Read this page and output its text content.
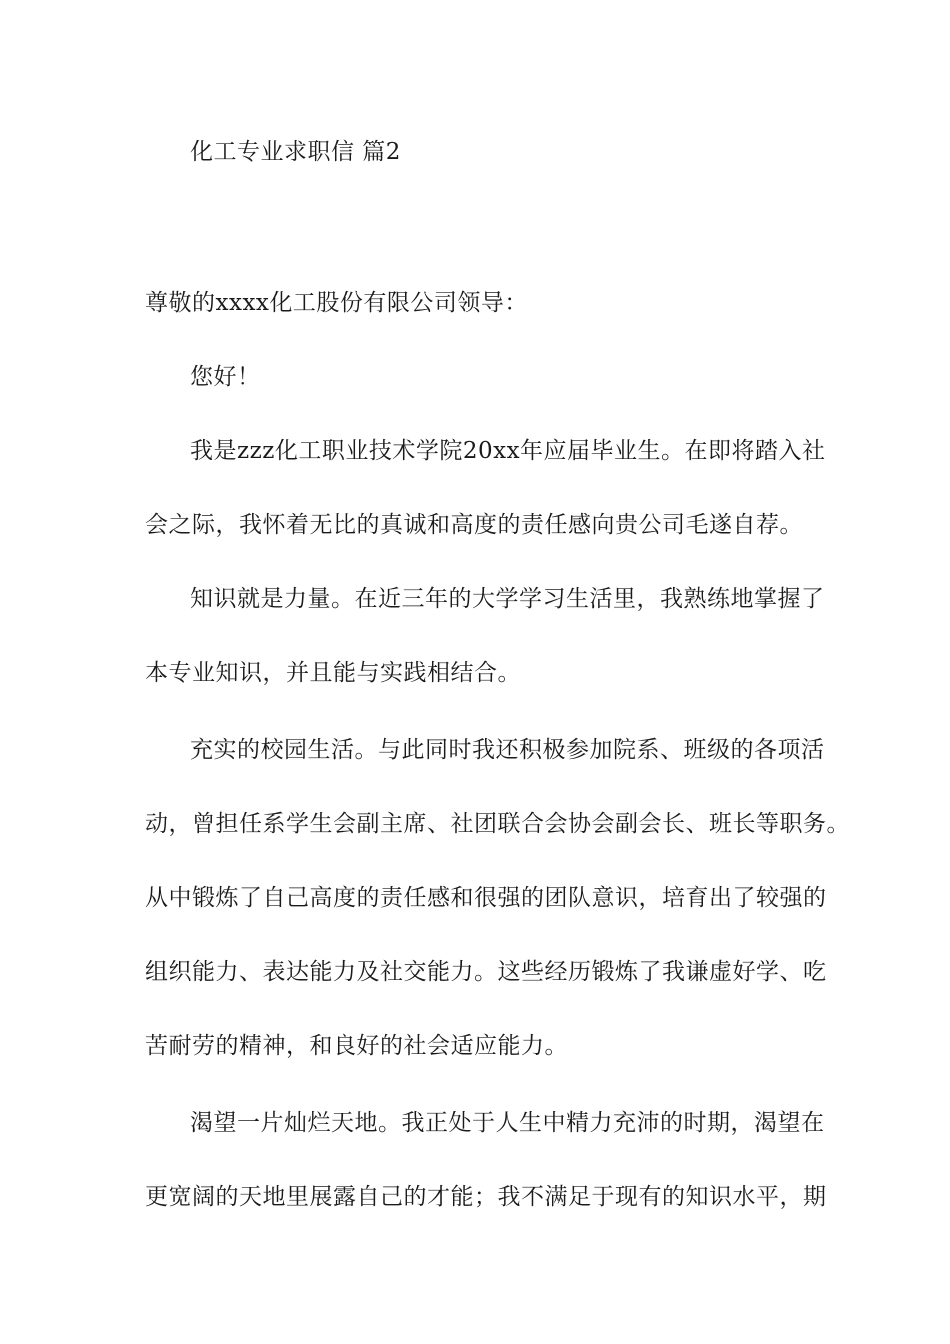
化工专业求职信 篇2
尊敬的xxxx化工股份有限公司领导：
您好！
我是zzz化工职业技术学院20xx年应届毕业生。在即将踏入社
会之际，我怀着无比的真诚和高度的责任感向贵公司毛遂自荐。
知识就是力量。在近三年的大学学习生活里，我熟练地掌握了
本专业知识，并且能与实践相结合。
充实的校园生活。与此同时我还积极参加院系、班级的各项活
动，曾担任系学生会副主席、社团联合会协会副会长、班长等职务。
从中锻炼了自己高度的责任感和很强的团队意识，培育出了较强的
组织能力、表达能力及社交能力。这些经历锻炼了我谦虚好学、吃
苦耐劳的精神，和良好的社会适应能力。
渴望一片灿烂天地。我正处于人生中精力充沛的时期，渴望在
更宽阔的天地里展露自己的才能；我不满足于现有的知识水平，期
